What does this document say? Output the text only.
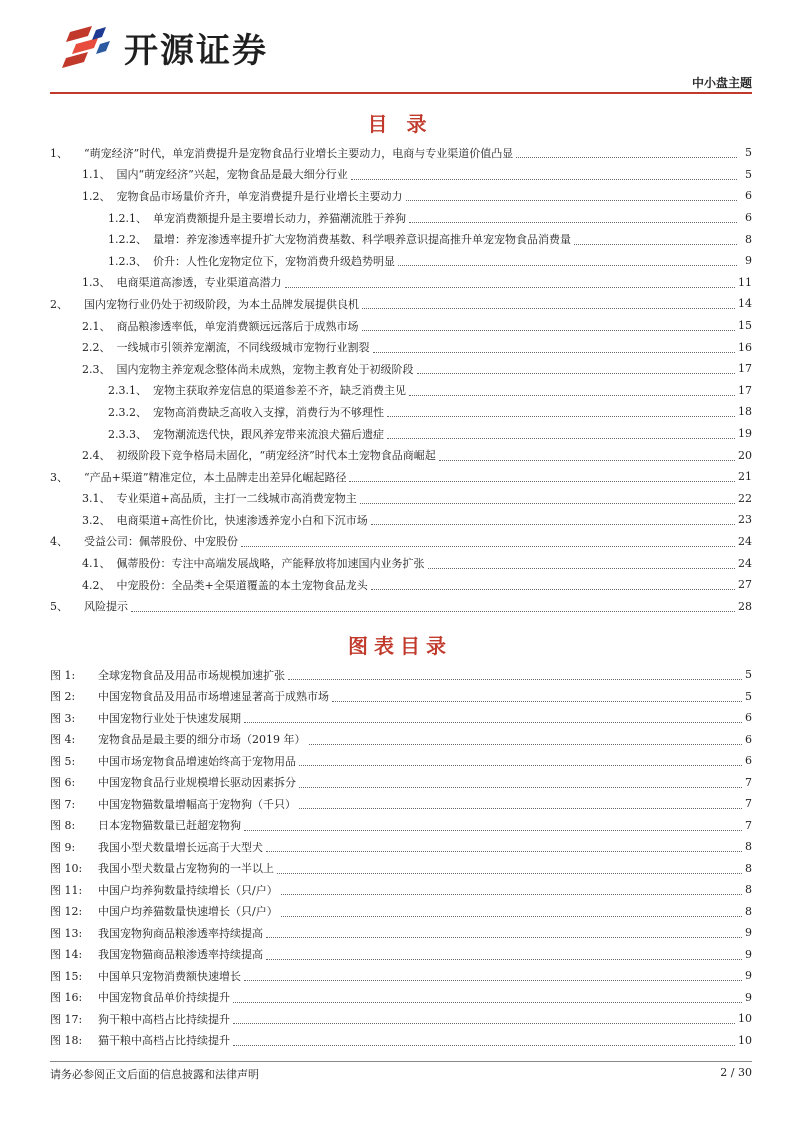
开源证券
中小盘主题
目 录
1、	“萌宠经济”时代，单宠消费提升是宠物食品行业增长主要动力，电商与专业渠道价值凸显	5
1.1、 国内“萌宠经济”兴起，宠物食品是最大细分行业	5
1.2、 宠物食品市场量价齐升，单宠消费提升是行业增长主要动力	6
1.2.1、 单宠消费额提升是主要增长动力，养猫潮流胜于养狗	6
1.2.2、 量增：养宠渗透率提升扩大宠物消费基数、科学喂养意识提高推升单宠宠物食品消费量	8
1.2.3、 价升：人性化宠物定位下，宠物消费升级趋势明显	9
1.3、 电商渠道高渗透，专业渠道高潜力	11
2、	国内宠物行业仍处于初级阶段，为本土品牌发展提供良机	14
2.1、 商品粮渗透率低，单宠消费额远远落后于成熟市场	15
2.2、 一线城市引领养宠潮流，不同线级城市宠物行业割裂	16
2.3、 国内宠物主养宠观念整体尚未成熟，宠物主教育处于初级阶段	17
2.3.1、 宠物主获取养宠信息的渠道参差不齐，缺乏消费主见	17
2.3.2、 宠物高消费缺乏高收入支撑，消费行为不够理性	18
2.3.3、 宠物潮流迭代快，跟风养宠带来流浪犬猫后遗症	19
2.4、 初级阶段下竞争格局未固化，“萌宠经济”时代本土宠物食品商崛起	20
3、	“产品+渠道”精准定位，本土品牌走出差异化崛起路径	21
3.1、 专业渠道+高品质，主打一二线城市高消费宠物主	22
3.2、 电商渠道+高性价比，快速渗透养宠小白和下沉市场	23
4、	受益公司：佩蒂股份、中宠股份	24
4.1、 佩蒂股份：专注中高端发展战略，产能释放将加速国内业务扩张	24
4.2、 中宠股份：全品类+全渠道覆盖的本土宠物食品龙头	27
5、	风险提示	28
图表目录
图 1:	全球宠物食品及用品市场规模加速扩张	5
图 2:	中国宠物食品及用品市场增速显著高于成熟市场	5
图 3:	中国宠物行业处于快速发展期	6
图 4:	宠物食品是最主要的细分市场（2019 年）	6
图 5:	中国市场宠物食品增速始终高于宠物用品	6
图 6:	中国宠物食品行业规模增长驱动因素拆分	7
图 7:	中国宠物猫数量增幅高于宠物狗（千只）	7
图 8:	日本宠物猫数量已赶超宠物狗	7
图 9:	我国小型犬数量增长远高于大型犬	8
图 10:	我国小型犬数量占宠物狗的一半以上	8
图 11:	中国户均养狗数量持续增长（只/户）	8
图 12:	中国户均养猫数量快速增长（只/户）	8
图 13:	我国宠物狗商品粮渗透率持续提高	9
图 14:	我国宠物猫商品粮渗透率持续提高	9
图 15:	中国单只宠物消费额快速增长	9
图 16:	中国宠物食品单价持续提升	9
图 17:	狗干粮中高档占比持续提升	10
图 18:	猫干粮中高档占比持续提升	10
请务必参阅正文后面的信息披露和法律声明	2 / 30
